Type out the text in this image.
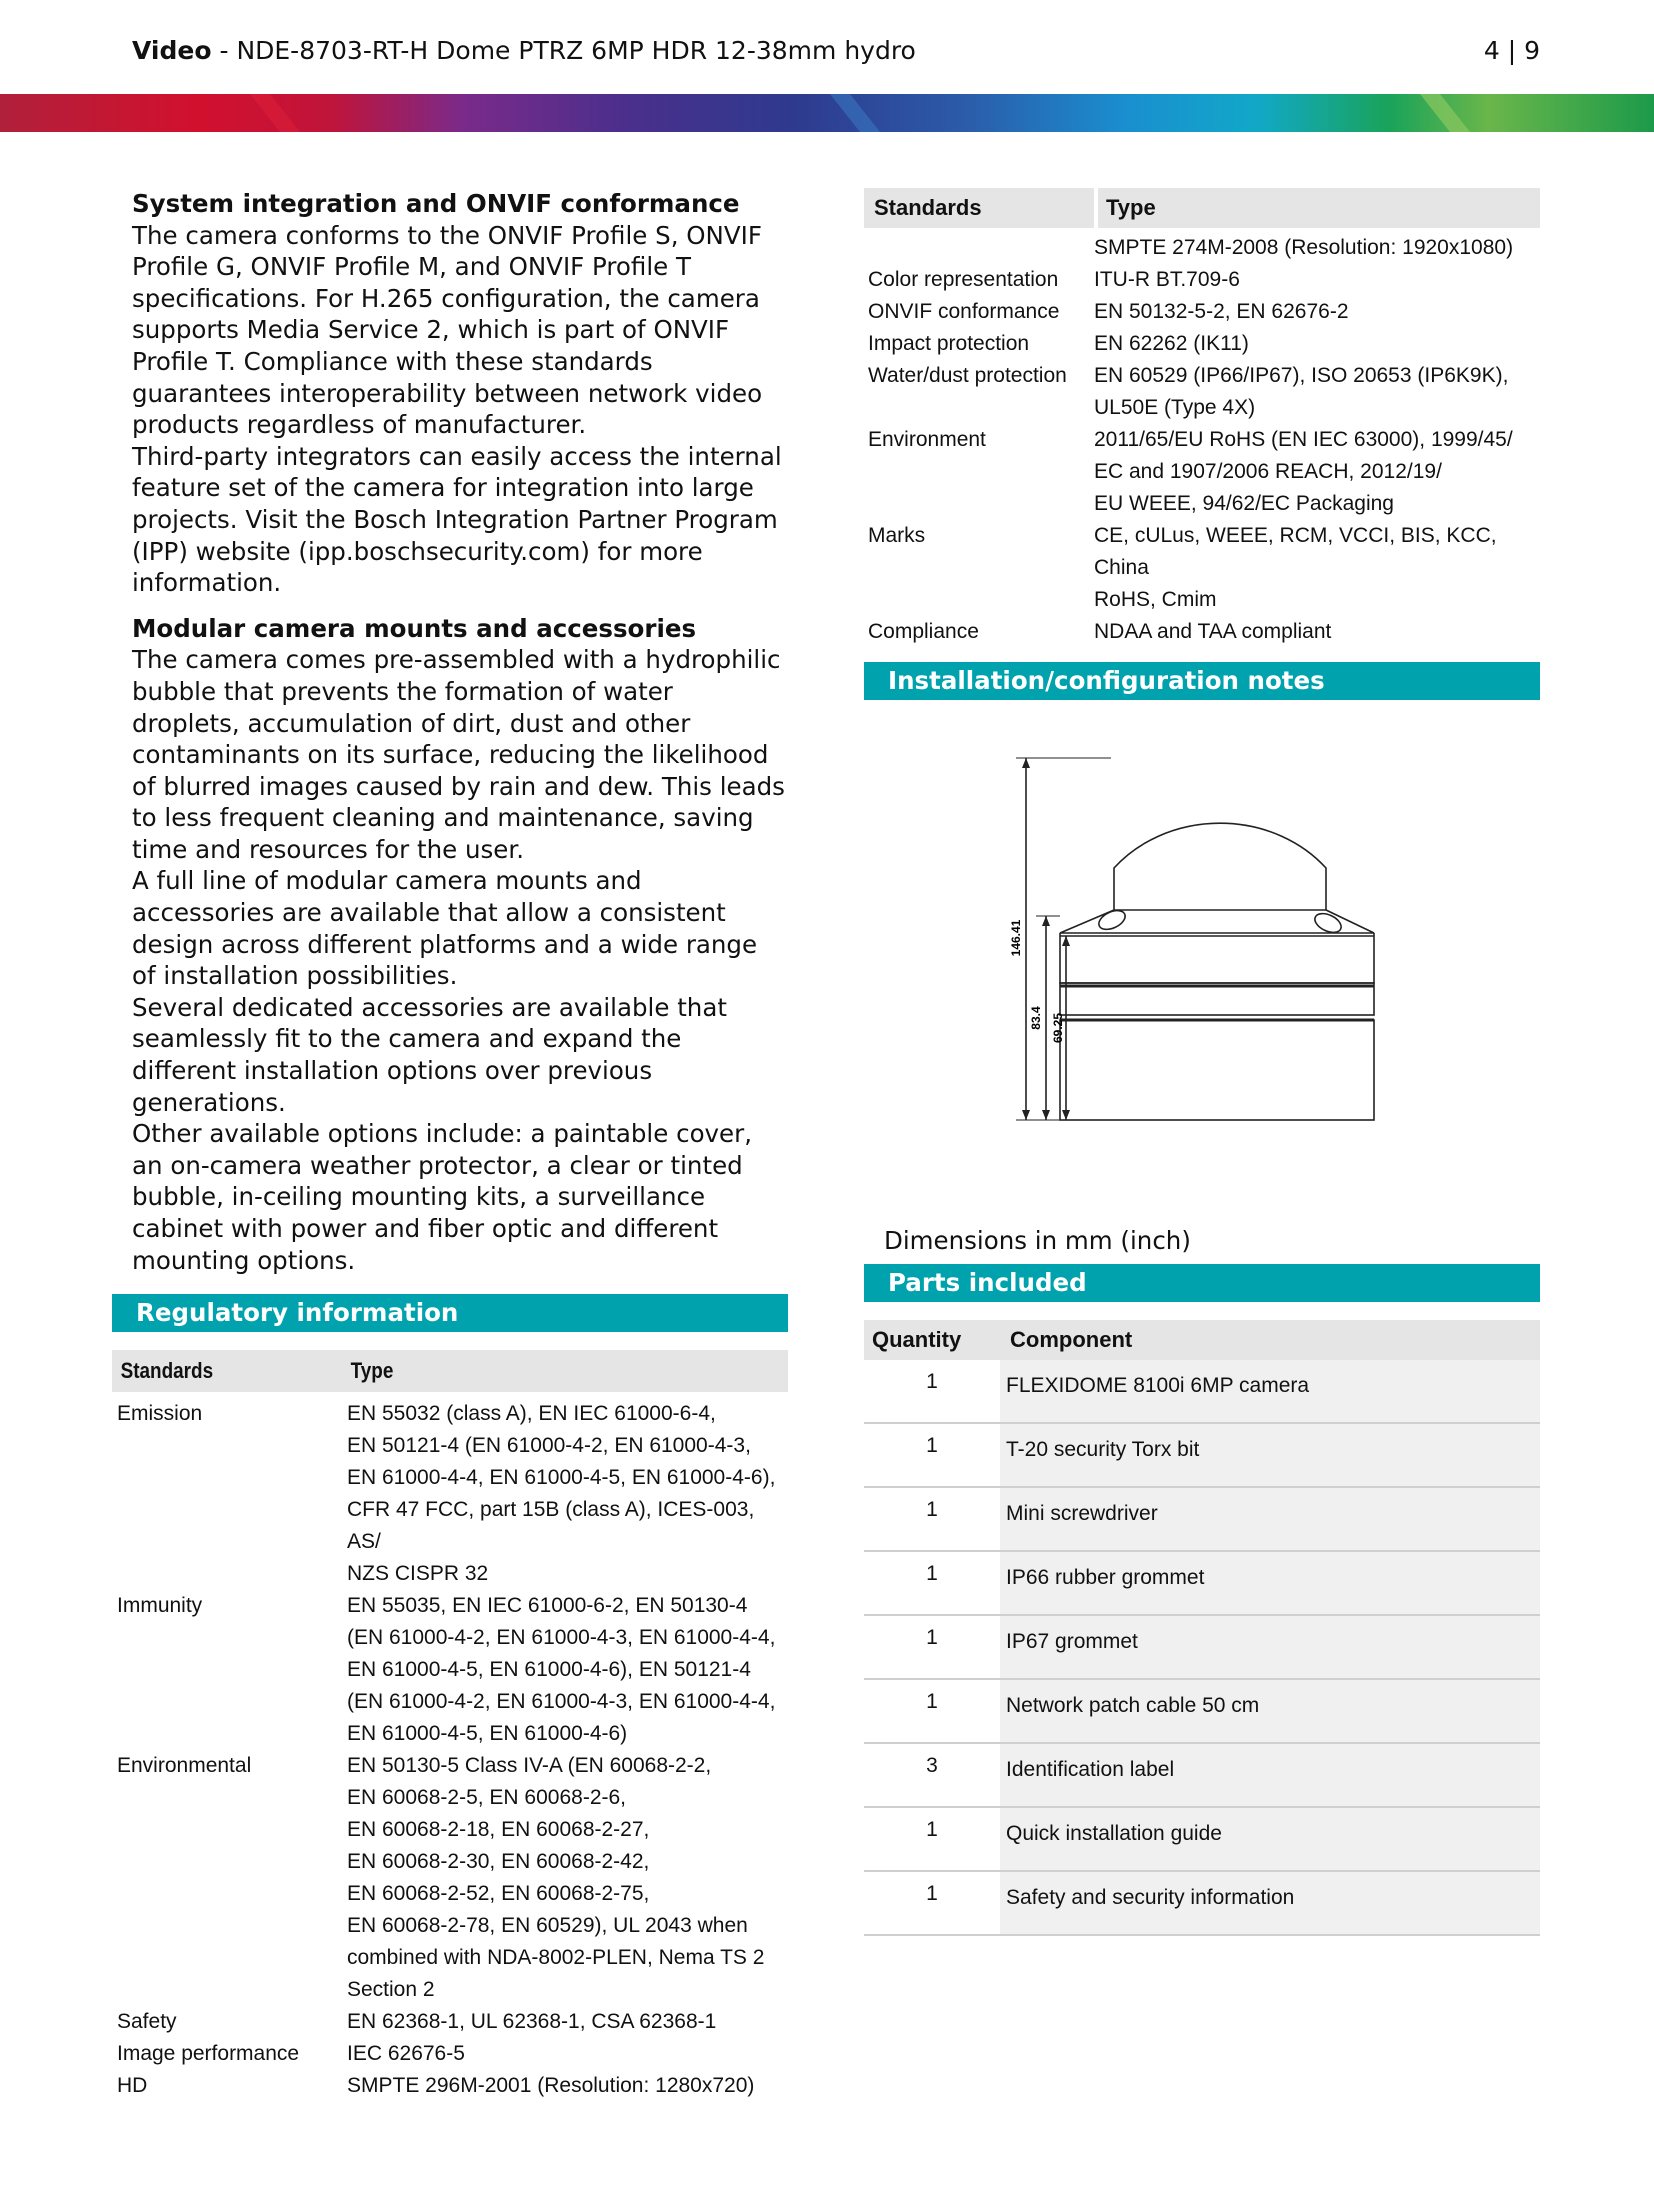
Video - NDE-8703-RT-H Dome PTRZ 6MP HDR 12-38mm hydro	4 | 9
System integration and ONVIF conformance
The camera conforms to the ONVIF Profile S, ONVIF Profile G, ONVIF Profile M, and ONVIF Profile T specifications. For H.265 configuration, the camera supports Media Service 2, which is part of ONVIF Profile T. Compliance with these standards guarantees interoperability between network video products regardless of manufacturer.
Third-party integrators can easily access the internal feature set of the camera for integration into large projects. Visit the Bosch Integration Partner Program (IPP) website (ipp.boschsecurity.com) for more information.
Modular camera mounts and accessories
The camera comes pre-assembled with a hydrophilic bubble that prevents the formation of water droplets, accumulation of dirt, dust and other contaminants on its surface, reducing the likelihood of blurred images caused by rain and dew. This leads to less frequent cleaning and maintenance, saving time and resources for the user.
A full line of modular camera mounts and accessories are available that allow a consistent design across different platforms and a wide range of installation possibilities.
Several dedicated accessories are available that seamlessly fit to the camera and expand the different installation options over previous generations.
Other available options include: a paintable cover, an on-camera weather protector, a clear or tinted bubble, in-ceiling mounting kits, a surveillance cabinet with power and fiber optic and different mounting options.
Regulatory information
Standards	Type
Emission	EN 55032 (class A), EN IEC 61000-6-4,
EN 50121-4 (EN 61000-4-2, EN 61000-4-3,
EN 61000-4-4, EN 61000-4-5, EN 61000-4-6),
CFR 47 FCC, part 15B (class A), ICES-003, AS/
NZS CISPR 32
Immunity	EN 55035, EN IEC 61000-6-2, EN 50130-4
(EN 61000-4-2, EN 61000-4-3, EN 61000-4-4,
EN 61000-4-5, EN 61000-4-6), EN 50121-4
(EN 61000-4-2, EN 61000-4-3, EN 61000-4-4,
EN 61000-4-5, EN 61000-4-6)
Environmental	EN 50130-5 Class IV-A (EN 60068-2-2,
EN 60068-2-5, EN 60068-2-6,
EN 60068-2-18, EN 60068-2-27,
EN 60068-2-30, EN 60068-2-42,
EN 60068-2-52, EN 60068-2-75,
EN 60068-2-78, EN 60529), UL 2043 when
combined with NDA-8002-PLEN, Nema TS 2
Section 2
Safety	EN 62368-1, UL 62368-1, CSA 62368-1
Image performance	IEC 62676-5
HD	SMPTE 296M-2001 (Resolution: 1280x720)
Standards	Type
SMPTE 274M-2008 (Resolution: 1920x1080)
Color representation	ITU-R BT.709-6
ONVIF conformance	EN 50132-5-2, EN 62676-2
Impact protection	EN 62262 (IK11)
Water/dust protection	EN 60529 (IP66/IP67), ISO 20653 (IP6K9K),
UL50E (Type 4X)
Environment	2011/65/EU RoHS (EN IEC 63000), 1999/45/
EC and 1907/2006 REACH, 2012/19/
EU WEEE, 94/62/EC Packaging
Marks	CE, cULus, WEEE, RCM, VCCI, BIS, KCC, China
RoHS, Cmim
Compliance	NDAA and TAA compliant
Installation/configuration notes
146.41
83.4 69.25
Dimensions in mm (inch)
Parts included
Quantity	Component
1	FLEXIDOME 8100i 6MP camera
1	T-20 security Torx bit
1	Mini screwdriver
1	IP66 rubber grommet
1	IP67 grommet
1	Network patch cable 50 cm
3	Identification label
1	Quick installation guide
1	Safety and security information
